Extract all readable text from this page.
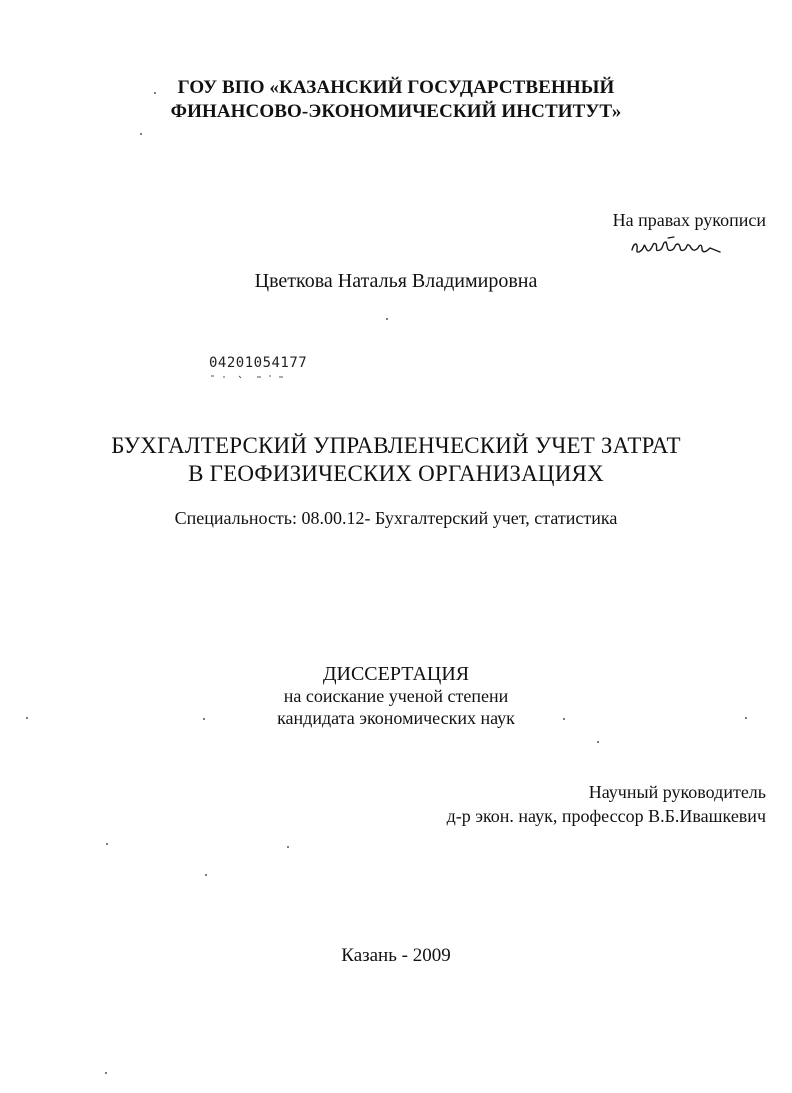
ГОУ ВПО «КАЗАНСКИЙ ГОСУДАРСТВЕННЫЙ
ФИНАНСОВО-ЭКОНОМИЧЕСКИЙ ИНСТИТУТ»
На правах рукописи
Цветкова Наталья Владимировна
04201054177
БУХГАЛТЕРСКИЙ УПРАВЛЕНЧЕСКИЙ УЧЕТ ЗАТРАТ
В ГЕОФИЗИЧЕСКИХ ОРГАНИЗАЦИЯХ
Специальность: 08.00.12- Бухгалтерский учет, статистика
ДИССЕРТАЦИЯ
на соискание ученой степени
кандидата экономических наук
Научный руководитель
д-р экон. наук, профессор В.Б.Ивашкевич
Казань - 2009
